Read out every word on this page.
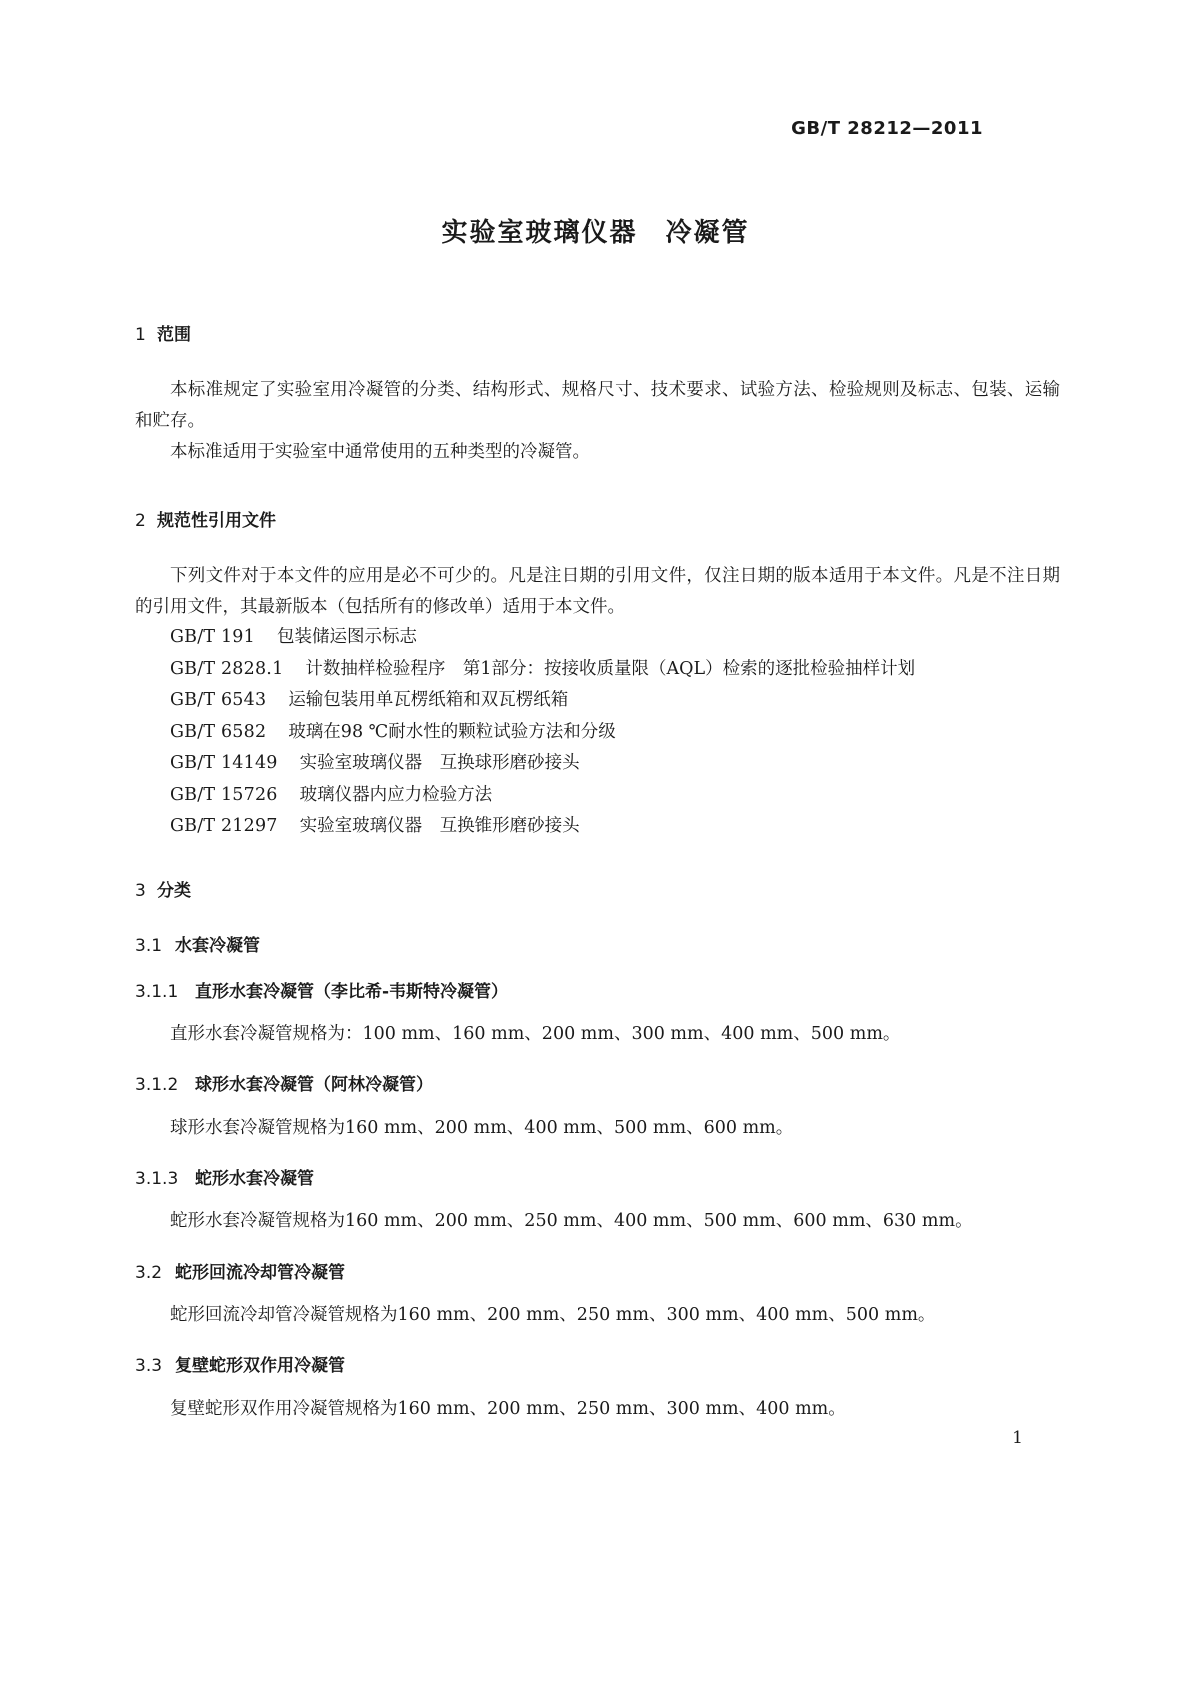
GB/T 28212—2011
实验室玻璃仪器　冷凝管
1 范围
本标准规定了实验室用冷凝管的分类、结构形式、规格尺寸、技术要求、试验方法、检验规则及标志、包装、运输和贮存。
本标准适用于实验室中通常使用的五种类型的冷凝管。
2 规范性引用文件
下列文件对于本文件的应用是必不可少的。凡是注日期的引用文件，仅注日期的版本适用于本文件。凡是不注日期的引用文件，其最新版本（包括所有的修改单）适用于本文件。
GB/T 191 包装储运图示标志
GB/T 2828.1 计数抽样检验程序　第1部分：按接收质量限（AQL）检索的逐批检验抽样计划
GB/T 6543 运输包装用单瓦楞纸箱和双瓦楞纸箱
GB/T 6582 玻璃在98 ℃耐水性的颗粒试验方法和分级
GB/T 14149 实验室玻璃仪器　互换球形磨砂接头
GB/T 15726 玻璃仪器内应力检验方法
GB/T 21297 实验室玻璃仪器　互换锥形磨砂接头
3 分类
3.1 水套冷凝管
3.1.1 直形水套冷凝管（李比希-韦斯特冷凝管）
直形水套冷凝管规格为：100 mm、160 mm、200 mm、300 mm、400 mm、500 mm。
3.1.2 球形水套冷凝管（阿林冷凝管）
球形水套冷凝管规格为160 mm、200 mm、400 mm、500 mm、600 mm。
3.1.3 蛇形水套冷凝管
蛇形水套冷凝管规格为160 mm、200 mm、250 mm、400 mm、500 mm、600 mm、630 mm。
3.2 蛇形回流冷却管冷凝管
蛇形回流冷却管冷凝管规格为160 mm、200 mm、250 mm、300 mm、400 mm、500 mm。
3.3 复壁蛇形双作用冷凝管
复壁蛇形双作用冷凝管规格为160 mm、200 mm、250 mm、300 mm、400 mm。
1
